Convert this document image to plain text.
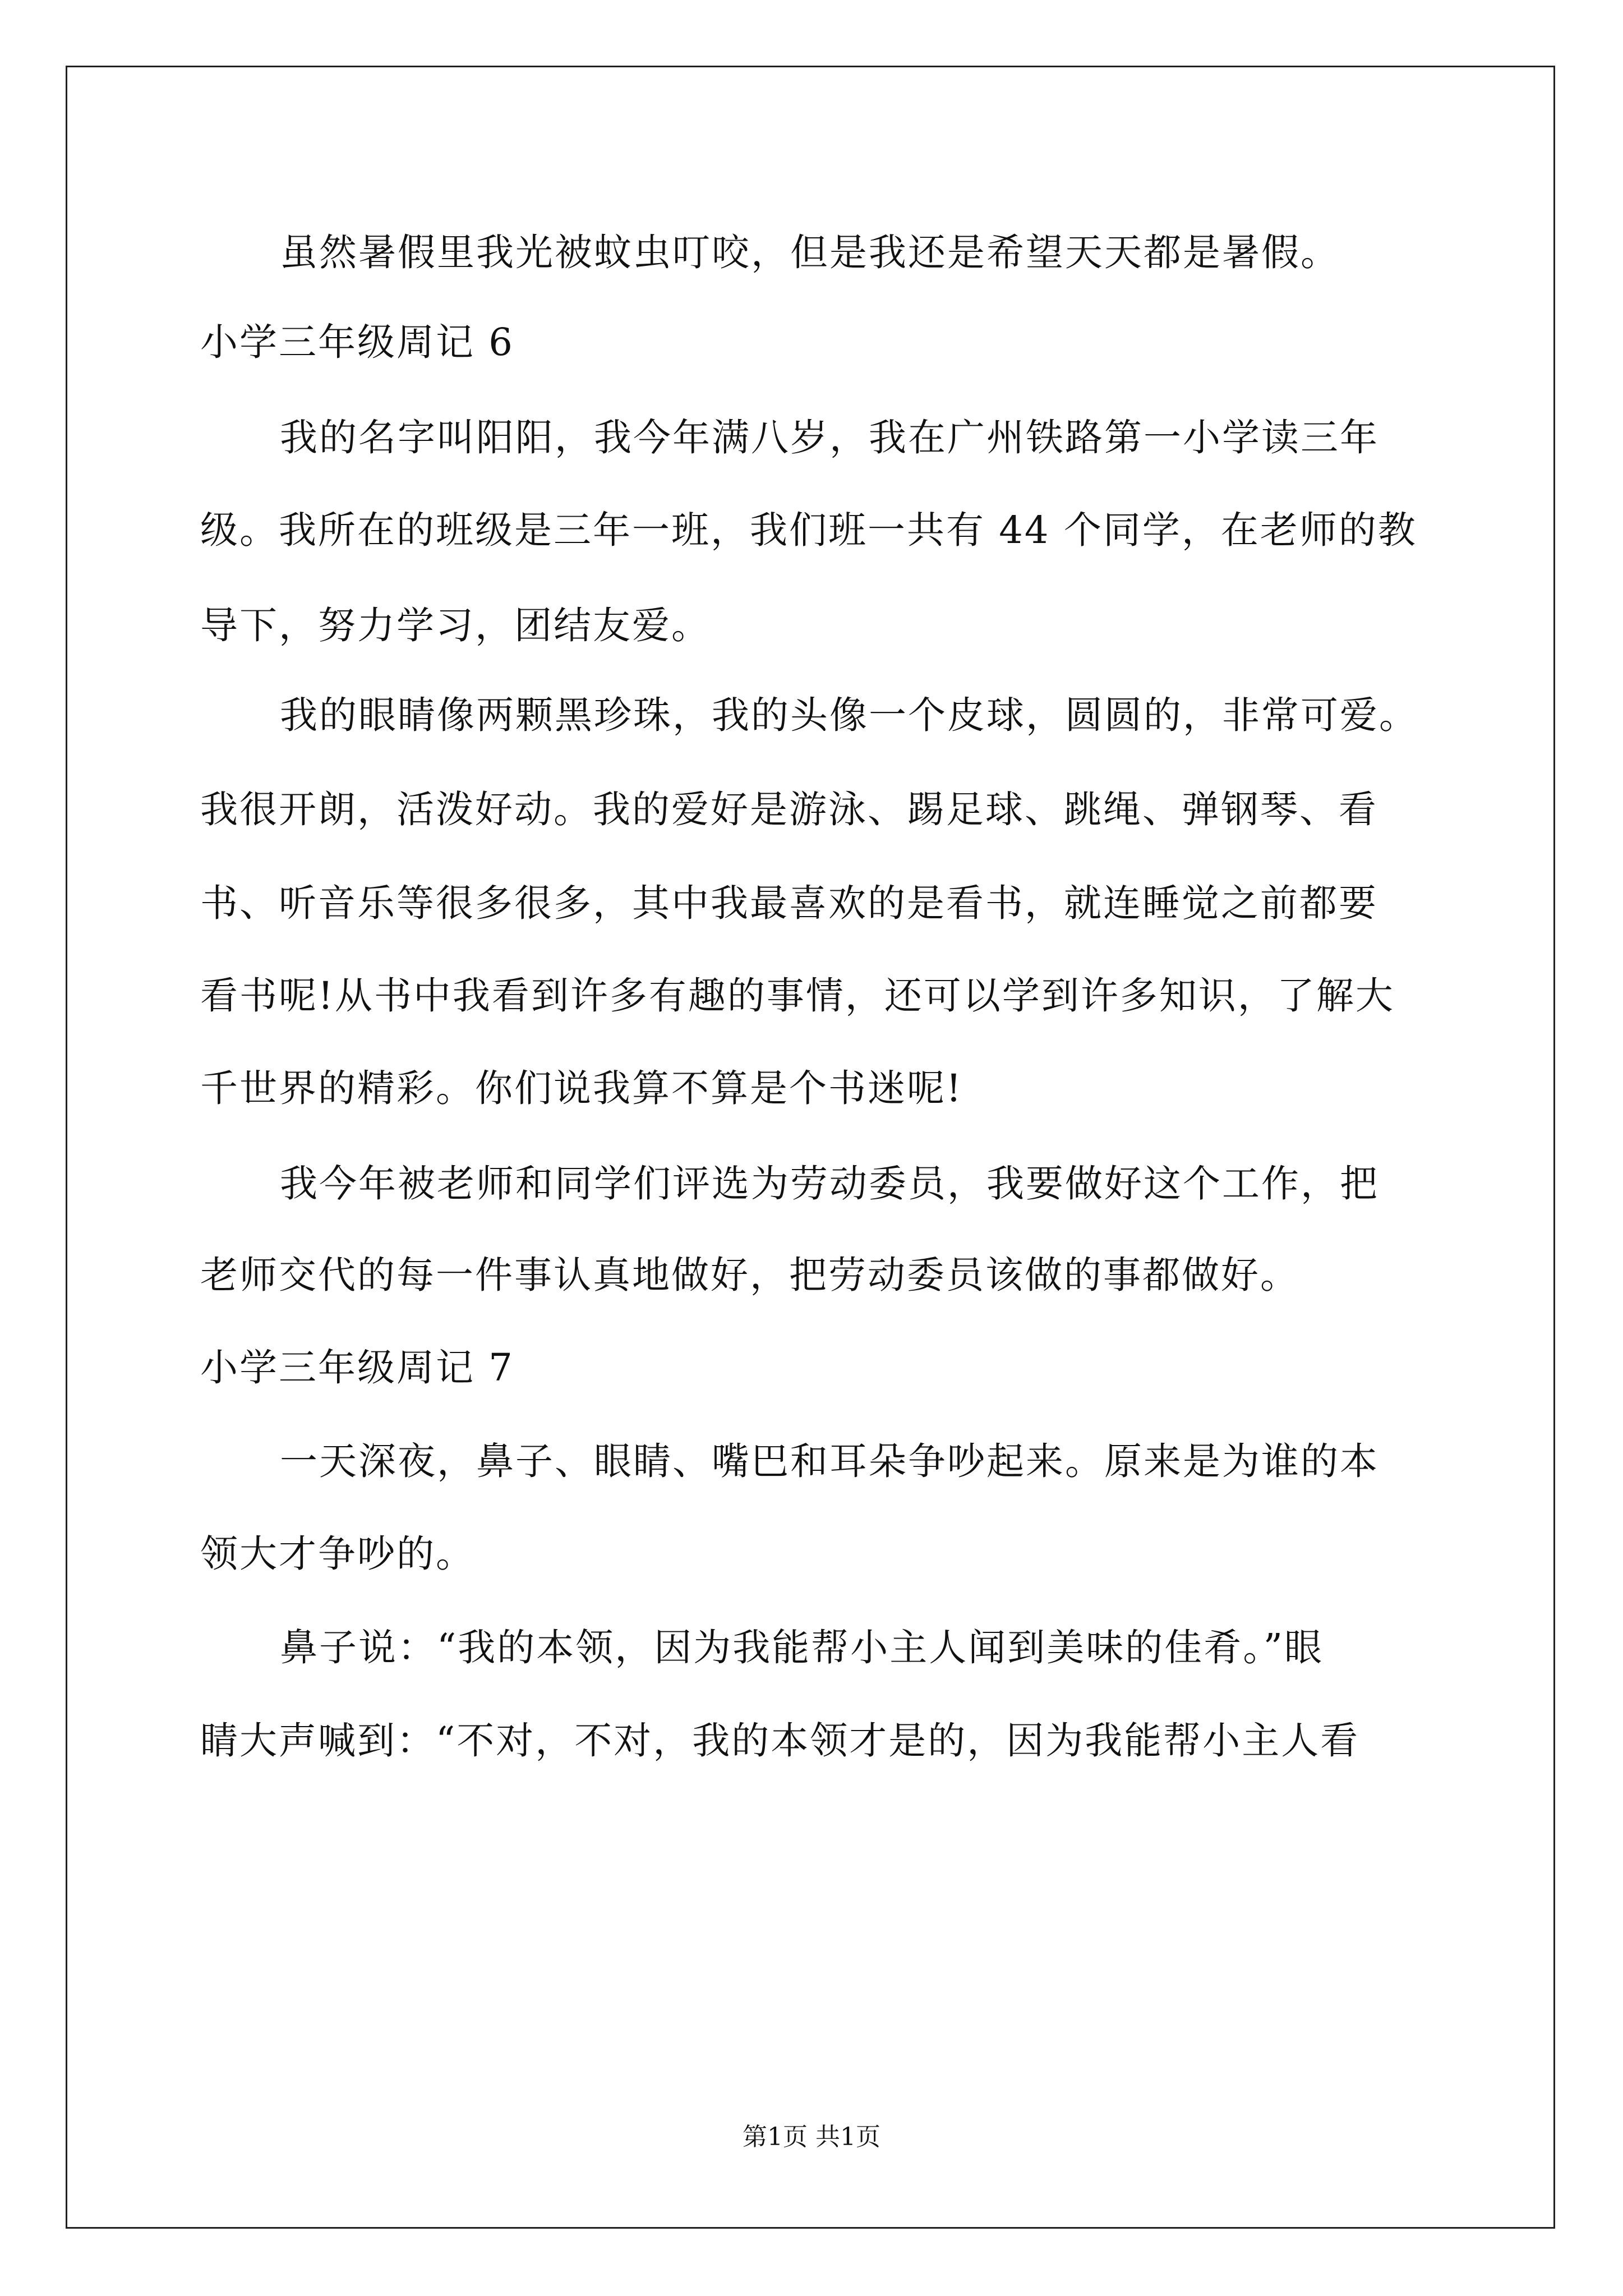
虽然暑假里我光被蚊虫叮咬，但是我还是希望天天都是暑假。
小学三年级周记 6
我的名字叫阳阳，我今年满八岁，我在广州铁路第一小学读三年
级。我所在的班级是三年一班，我们班一共有 44 个同学，在老师的教
导下，努力学习，团结友爱。
我的眼睛像两颗黑珍珠，我的头像一个皮球，圆圆的，非常可爱。
我很开朗，活泼好动。我的爱好是游泳、踢足球、跳绳、弹钢琴、看
书、听音乐等很多很多，其中我最喜欢的是看书，就连睡觉之前都要
看书呢!从书中我看到许多有趣的事情，还可以学到许多知识，了解大
千世界的精彩。你们说我算不算是个书迷呢!
我今年被老师和同学们评选为劳动委员，我要做好这个工作，把
老师交代的每一件事认真地做好，把劳动委员该做的事都做好。
小学三年级周记 7
一天深夜，鼻子、眼睛、嘴巴和耳朵争吵起来。原来是为谁的本
领大才争吵的。
鼻子说：“我的本领，因为我能帮小主人闻到美味的佳肴。”眼
睛大声喊到：“不对，不对，我的本领才是的，因为我能帮小主人看
第1页 共1页
